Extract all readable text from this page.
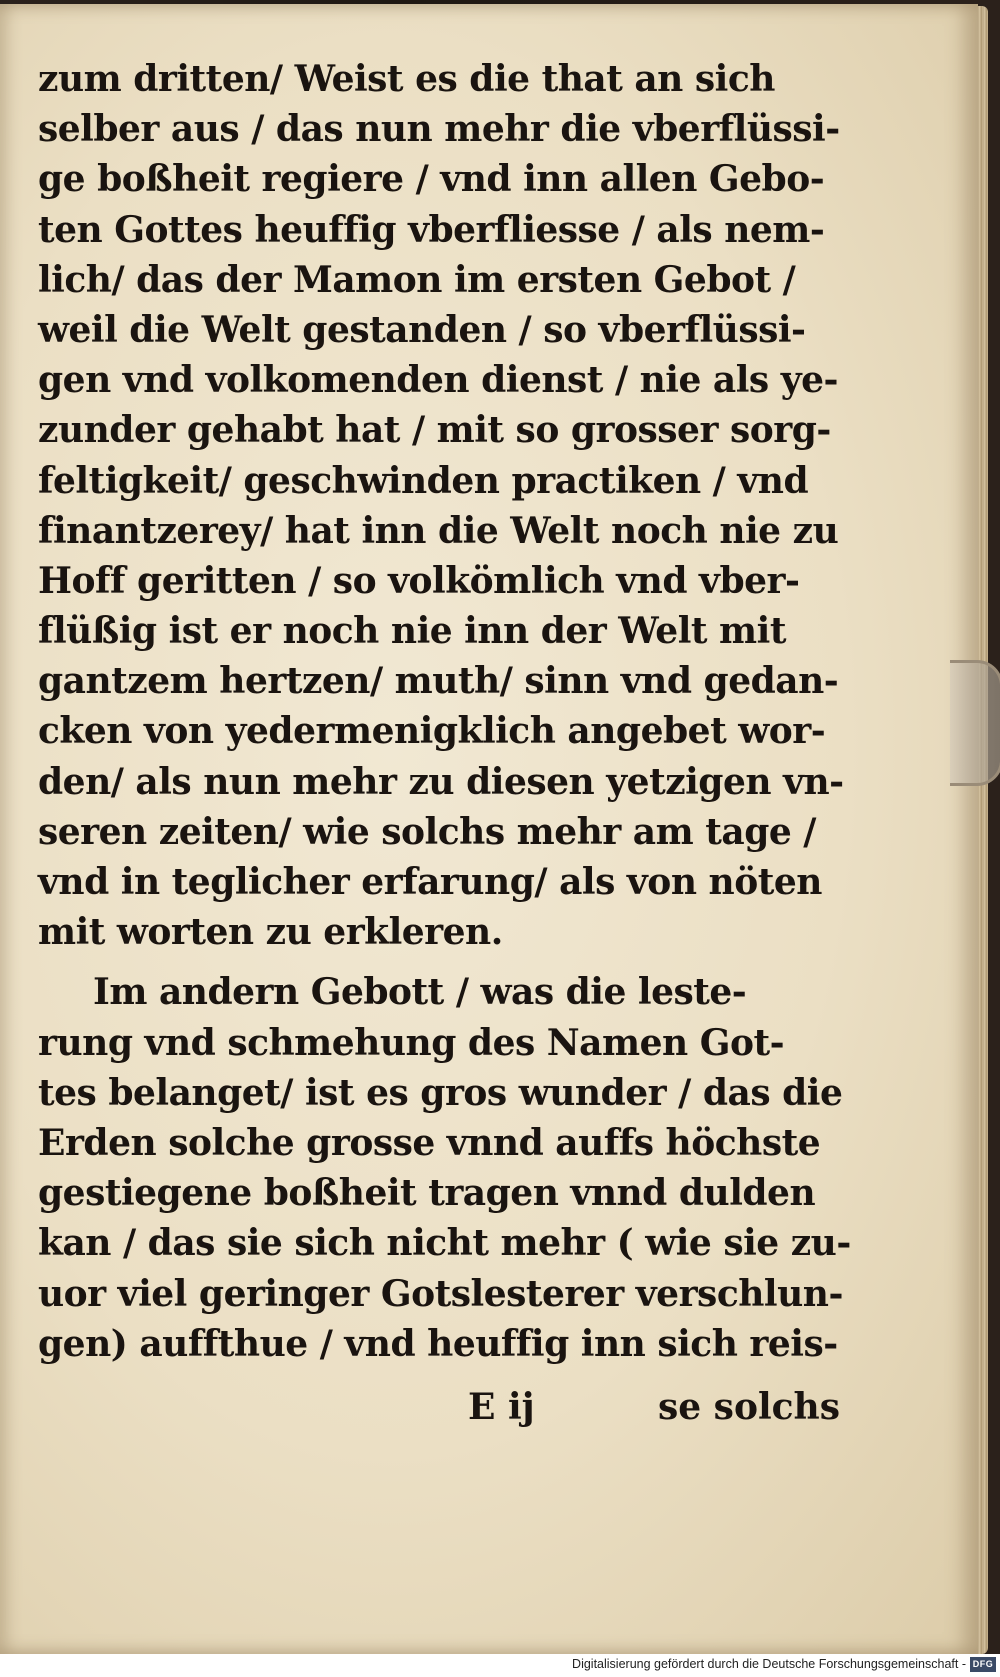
zum dritten/ Weist es die that an sich
selber aus / das nun mehr die vberflüssi-
ge boßheit regiere / vnd inn allen Gebo-
ten Gottes heuffig vberfliesse / als nem-
lich/ das der Mamon im ersten Gebot /
weil die Welt gestanden / so vberflüssi-
gen vnd volkomenden dienst / nie als ye-
zunder gehabt hat / mit so grosser sorg-
feltigkeit/ geschwinden practiken / vnd
finantzerey/ hat inn die Welt noch nie zu
Hoff geritten / so volkömlich vnd vber-
flüßig ist er noch nie inn der Welt mit
gantzem hertzen/ muth/ sinn vnd gedan-
cken von yedermenigklich angebet wor-
den/ als nun mehr zu diesen yetzigen vn-
seren zeiten/ wie solchs mehr am tage /
vnd in teglicher erfarung/ als von nöten
mit worten zu erkleren.
Im andern Gebott / was die leste-
rung vnd schmehung des Namen Got-
tes belanget/ ist es gros wunder / das die
Erden solche grosse vnnd auffs höchste
gestiegene boßheit tragen vnnd dulden
kan / das sie sich nicht mehr ( wie sie zu-
uor viel geringer Gotslesterer verschlun-
gen) auffthue / vnd heuffig inn sich reis-
E ij	se solchs
Digitalisierung gefördert durch die Deutsche Forschungsgemeinschaft - DFG
